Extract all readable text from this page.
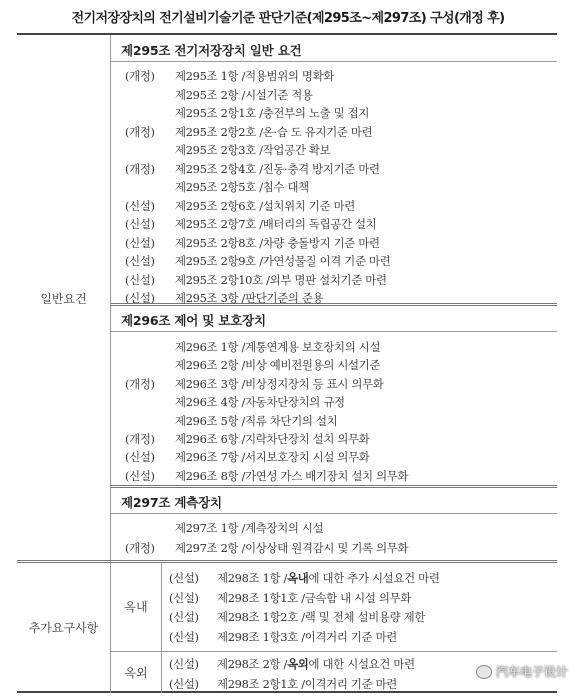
전기저장장치의 전기설비기술기준 판단기준(제295조~제297조) 구성(개정 후)
일반요건
추가요구사항
제295조 전기저장장치 일반 요건
(개정) 제295조 1항 /적용범위의 명확화
제295조 2항 /시설기준 적용
제295조 2항1호 /충전부의 노출 및 접지
(개정) 제295조 2항2호 /온·습 도 유지기준 마련
제295조 2항3호 /작업공간 확보
(개정) 제295조 2항4호 /진동·충격 방지기준 마련
제295조 2항5호 /침수 대책
(신설) 제295조 2항6호 /설치위치 기준 마련
(신설) 제295조 2항7호 /배터리의 독립공간 설치
(신설) 제295조 2항8호 /차량 충돌방지 기준 마련
(신설) 제295조 2항9호 /가연성물질 이격 기준 마련
(신설) 제295조 2항10호 /외부 명판 설치기준 마련
(신설) 제295조 3항 /판단기준의 준용
제296조 제어 및 보호장치
제296조 1항 /계통연계용 보호장치의 시설
제296조 2항 /비상 예비전원용의 시설기준
(개정) 제296조 3항 /비상정지장치 등 표시 의무화
제296조 4항 /자동차단장치의 규정
제296조 5항 /직류 차단기의 설치
(개정) 제296조 6항 /지락차단장치 설치 의무화
(신설) 제296조 7항 /서지보호장치 시설 의무화
(신설) 제296조 8항 /가연성 가스 배기장치 설치 의무화
제297조 계측장치
제297조 1항 /계측장치의 시설
(개정) 제297조 2항 /이상상태 원격감시 및 기록 의무화
옥내
옥외
(신설) 제298조 1항 /옥내에 대한 추가 시설요건 마련
(신설) 제298조 1항1호 /금속함 내 시설 의무화
(신설) 제298조 1항2호 /랙 및 전체 설비용량 제한
(신설) 제298조 1항3호 /이격거리 기준 마련
(신설) 제298조 2항 /옥외에 대한 시설요건 마련
(신설) 제298조 2항1호 /이격거리 기준 마련
汽车电子设计
